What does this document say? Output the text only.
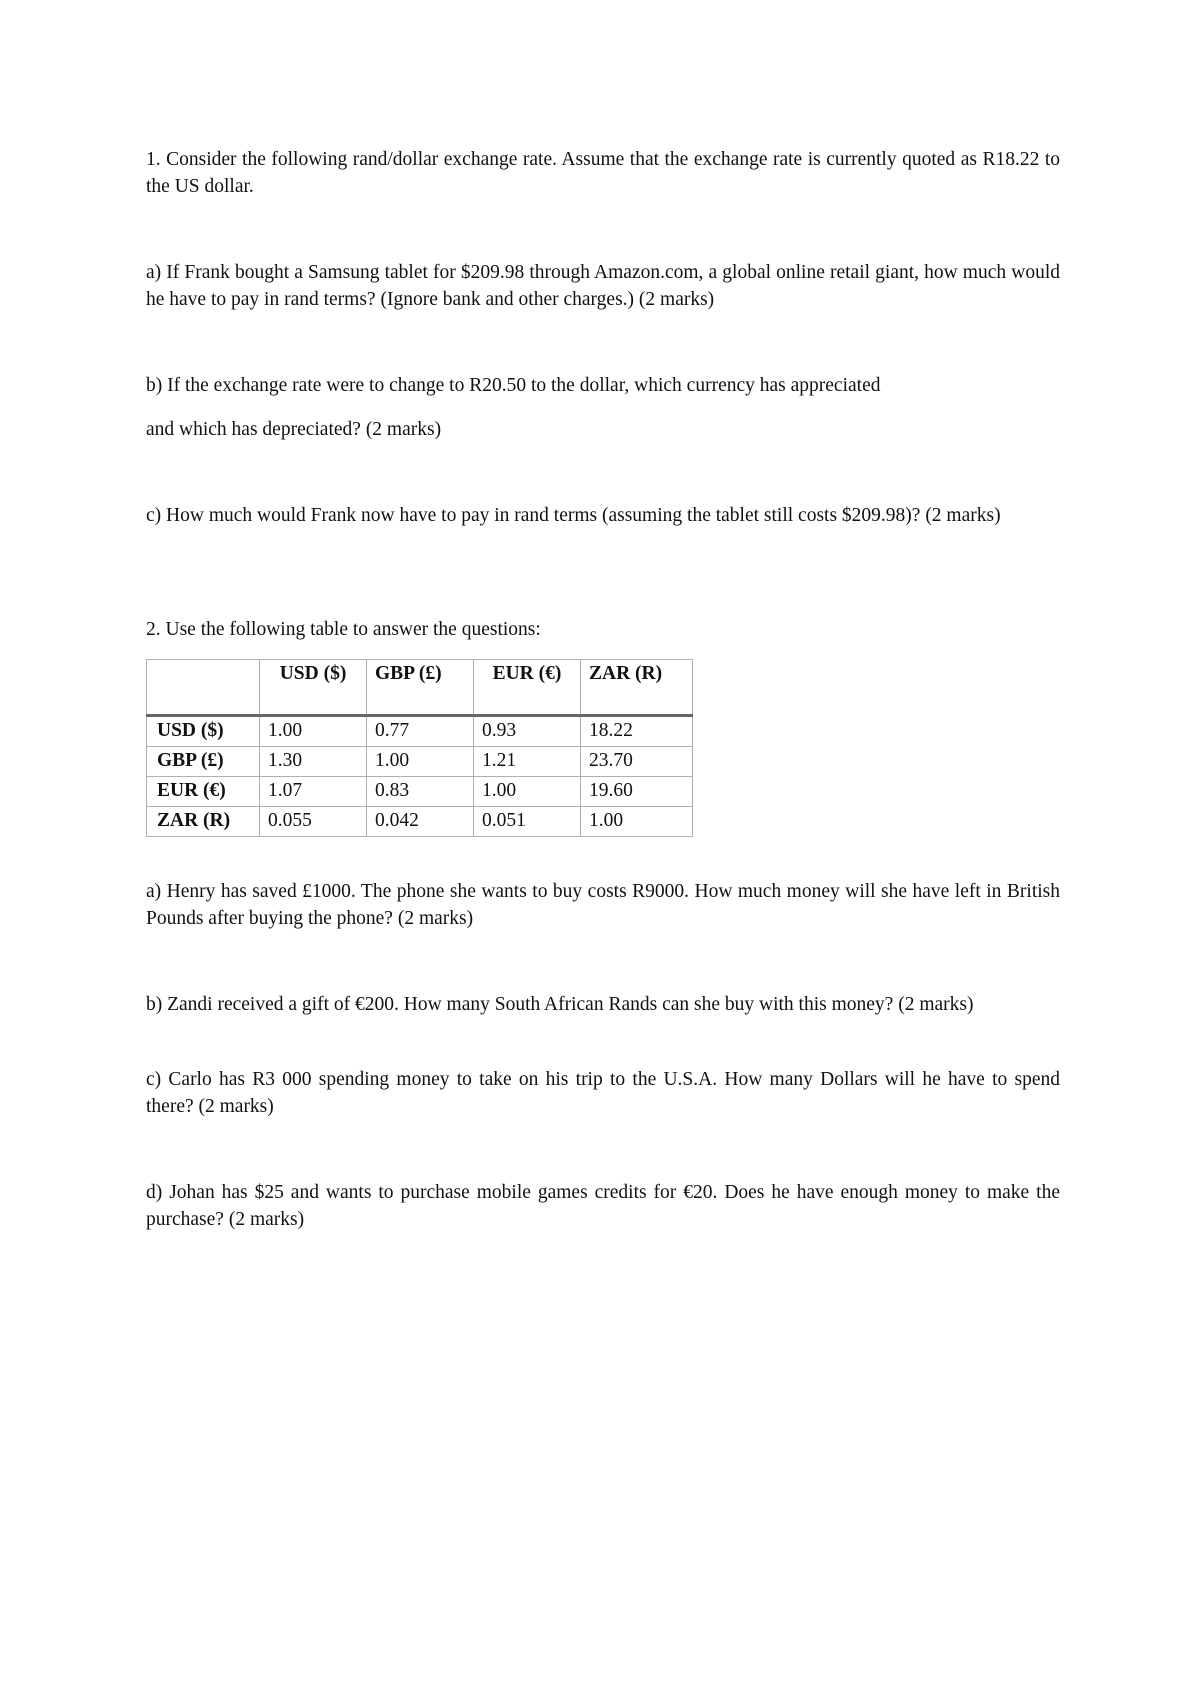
1. Consider the following rand/dollar exchange rate. Assume that the exchange rate is currently quoted as R18.22 to the US dollar.

a) If Frank bought a Samsung tablet for $209.98 through Amazon.com, a global online retail giant, how much would he have to pay in rand terms? (Ignore bank and other charges.) (2 marks)

b) If the exchange rate were to change to R20.50 to the dollar, which currency has appreciated

and which has depreciated? (2 marks)

c) How much would Frank now have to pay in rand terms (assuming the tablet still costs $209.98)? (2 marks)

2. Use the following table to answer the questions:

	USD ($)	GBP (£)	EUR (€)	ZAR (R)
USD ($)	1.00	0.77	0.93	18.22
GBP (£)	1.30	1.00	1.21	23.70
EUR (€)	1.07	0.83	1.00	19.60
ZAR (R)	0.055	0.042	0.051	1.00

a) Henry has saved £1000. The phone she wants to buy costs R9000. How much money will she have left in British Pounds after buying the phone? (2 marks)

b) Zandi received a gift of €200. How many South African Rands can she buy with this money? (2 marks)

c) Carlo has R3 000 spending money to take on his trip to the U.S.A. How many Dollars will he have to spend there? (2 marks)

d) Johan has $25 and wants to purchase mobile games credits for €20. Does he have enough money to make the purchase? (2 marks)
